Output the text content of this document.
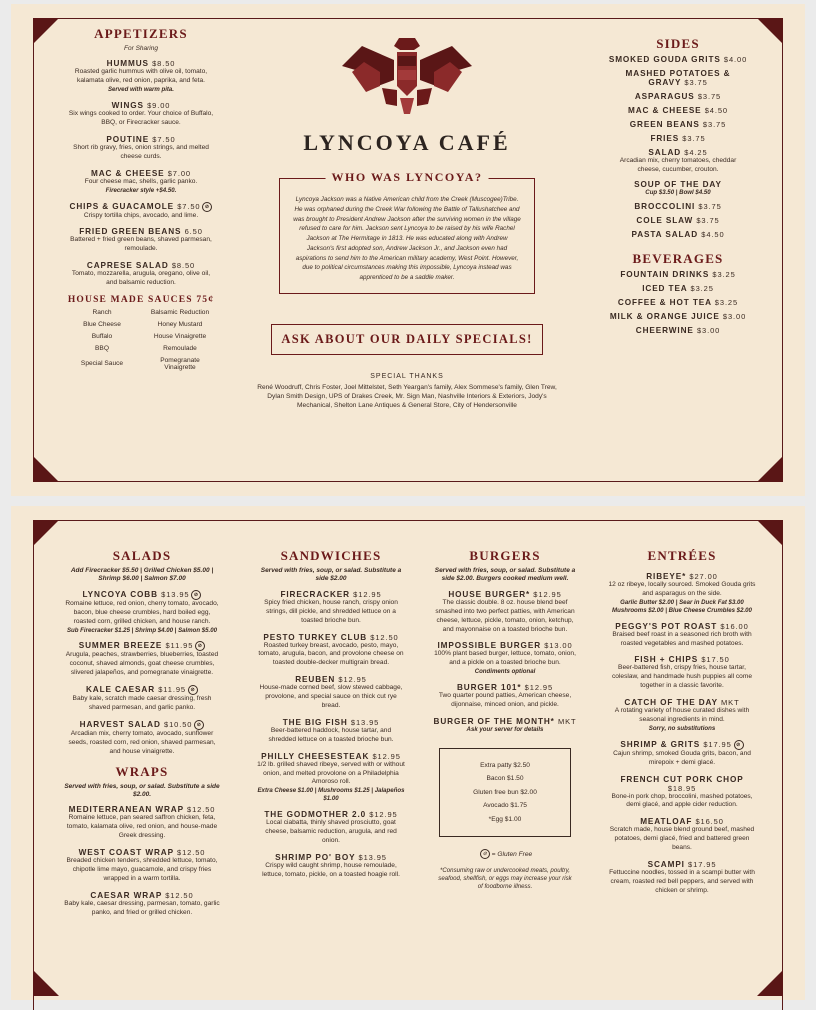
APPETIZERS
For Sharing
HUMMUS $8.50
Roasted garlic hummus with olive oil, tomato, kalamata olive, red onion, paprika, and feta.
Served with warm pita.
WINGS $9.00
Six wings cooked to order. Your choice of Buffalo, BBQ, or Firecracker sauce.
POUTINE $7.50
Short rib gravy, fries, onion strings, and melted cheese curds.
MAC & CHEESE $7.00
Four cheese mac, shells, garlic panko.
Firecracker style +$4.50.
CHIPS & GUACAMOLE $7.50 ⊘
Crispy tortilla chips, avocado, and lime.
FRIED GREEN BEANS 6.50
Battered + fried green beans, shaved parmesan, remoulade.
CAPRESE SALAD $8.50
Tomato, mozzarella, arugula, oregano, olive oil, and balsamic reduction.
HOUSE MADE SAUCES 75¢
Ranch	Balsamic Reduction
Blue Cheese	Honey Mustard
Buffalo	House Vinaigrette
BBQ	Remoulade
Special Sauce	Pomegranate Vinaigrette
LYNCOYA CAFÉ
WHO WAS LYNCOYA?
Lyncoya Jackson was a Native American child from the Creek (Muscogee)Tribe. He was orphaned during the Creek War following the Battle of Tallushatchee and was brought to President Andrew Jackson after the surviving women in the village refused to care for him. Jackson sent Lyncoya to be raised by his wife Rachel Jackson at The Hermitage in 1813. He was educated along with Andrew Jackson's first adopted son, Andrew Jackson Jr., and Jackson even had aspirations to send him to the American military academy, West Point. However, due to political circumstances making this impossible, Lyncoya instead was apprenticed to be a saddle maker.
ASK ABOUT OUR DAILY SPECIALS!
SPECIAL THANKS
René Woodruff, Chris Foster, Joel Mittelstet, Seth Yeargan's family, Alex Sommese's family, Glen Trew, Dylan Smith Design, UPS of Drakes Creek, Mr. Sign Man, Nashville Interiors & Exteriors, Jody's Mechanical, Shelton Lane Antiques & General Store, City of Hendersonville
SIDES
SMOKED GOUDA GRITS $4.00
MASHED POTATOES & GRAVY $3.75
ASPARAGUS $3.75
MAC & CHEESE $4.50
GREEN BEANS $3.75
FRIES $3.75
SALAD $4.25
Arcadian mix, cherry tomatoes, cheddar cheese, cucumber, crouton.
SOUP OF THE DAY
Cup $3.50 | Bowl $4.50
BROCCOLINI $3.75
COLE SLAW $3.75
PASTA SALAD $4.50
BEVERAGES
FOUNTAIN DRINKS $3.25
ICED TEA $3.25
COFFEE & HOT TEA $3.25
MILK & ORANGE JUICE $3.00
CHEERWINE $3.00
SALADS
Add Firecracker $5.50 | Grilled Chicken $5.00 | Shrimp $6.00 | Salmon $7.00
LYNCOYA COBB $13.95 ⊘
Romaine lettuce, red onion, cherry tomato, avocado, bacon, blue cheese crumbles, hard boiled egg, roasted corn, grilled chicken, and house ranch.
Sub Firecracker $1.25 | Shrimp $4.00 | Salmon $5.00
SUMMER BREEZE $11.95 ⊘
Arugula, peaches, strawberries, blueberries, toasted coconut, shaved almonds, goat cheese crumbles, slivered jalapeños, and pomegranate vinaigrette.
KALE CAESAR $11.95 ⊘
Baby kale, scratch made caesar dressing, fresh shaved parmesan, and garlic panko.
HARVEST SALAD $10.50 ⊘
Arcadian mix, cherry tomato, avocado, sunflower seeds, roasted corn, red onion, shaved parmesan, and house vinaigrette.
WRAPS
Served with fries, soup, or salad. Substitute a side $2.00.
MEDITERRANEAN WRAP $12.50
Romaine lettuce, pan seared saffron chicken, feta, tomato, kalamata olive, red onion, and house-made Greek dressing.
WEST COAST WRAP $12.50
Breaded chicken tenders, shredded lettuce, tomato, chipotle lime mayo, guacamole, and crispy fries wrapped in a warm tortilla.
CAESAR WRAP $12.50
Baby kale, caesar dressing, parmesan, tomato, garlic panko, and fried or grilled chicken.
SANDWICHES
Served with fries, soup, or salad. Substitute a side $2.00
FIRECRACKER $12.95
Spicy fried chicken, house ranch, crispy onion strings, dill pickle, and shredded lettuce on a toasted brioche bun.
PESTO TURKEY CLUB $12.50
Roasted turkey breast, avocado, pesto, mayo, tomato, arugula, bacon, and provolone cheese on toasted double-decker multigrain bread.
REUBEN $12.95
House-made corned beef, slow stewed cabbage, provolone, and special sauce on thick cut rye bread.
THE BIG FISH $13.95
Beer-battered haddock, house tartar, and shredded lettuce on a toasted brioche bun.
PHILLY CHEESESTEAK $12.95
1/2 lb. grilled shaved ribeye, served with or without onion, and melted provolone on a Philadelphia Amoroso roll.
Extra Cheese $1.00 | Mushrooms $1.25 | Jalapeños $1.00
THE GODMOTHER 2.0 $12.95
Local ciabatta, thinly shaved prosciutto, goat cheese, balsamic reduction, arugula, and red onion.
SHRIMP PO' BOY $13.95
Crispy wild caught shrimp, house remoulade, lettuce, tomato, pickle, on a toasted hoagie roll.
BURGERS
Served with fries, soup, or salad. Substitute a side $2.00. Burgers cooked medium well.
HOUSE BURGER* $12.95
The classic double. 8 oz. house blend beef smashed into two perfect patties, with American cheese, lettuce, pickle, tomato, onion, ketchup, and mayonnaise on a toasted brioche bun.
IMPOSSIBLE BURGER $13.00
100% plant based burger, lettuce, tomato, onion, and a pickle on a toasted brioche bun.
Condiments optional
BURGER 101* $12.95
Two quarter pound patties, American cheese, dijonnaise, minced onion, and pickle.
BURGER OF THE MONTH* MKT
Ask your server for details
Extra patty $2.50
Bacon $1.50
Gluten free bun $2.00
Avocado $1.75
*Egg $1.00
⊘ = Gluten Free
*Consuming raw or undercooked meats, poultry, seafood, shellfish, or eggs may increase your risk of foodborne illness.
ENTRÉES
RIBEYE* $27.00
12 oz ribeye, locally sourced. Smoked Gouda grits and asparagus on the side.
Garlic Butter $2.00 | Sear in Duck Fat $3.00 Mushrooms $2.00 | Blue Cheese Crumbles $2.00
PEGGY'S POT ROAST $16.00
Braised beef roast in a seasoned rich broth with roasted vegetables and mashed potatoes.
FISH + CHIPS $17.50
Beer-battered fish, crispy fries, house tartar, coleslaw, and handmade hush puppies all come together in a classic favorite.
CATCH OF THE DAY MKT
A rotating variety of house curated dishes with seasonal ingredients in mind.
Sorry, no substitutions
SHRIMP & GRITS $17.95 ⊘
Cajun shrimp, smoked Gouda grits, bacon, and mirepoix + demi glacé.
FRENCH CUT PORK CHOP $18.95
Bone-in pork chop, broccolini, mashed potatoes, demi glacé, and apple cider reduction.
MEATLOAF $16.50
Scratch made, house blend ground beef, mashed potatoes, demi glacé, fried and battered green beans.
SCAMPI $17.95
Fettuccine noodles, tossed in a scampi butter with cream, roasted red bell peppers, and served with chicken or shrimp.
